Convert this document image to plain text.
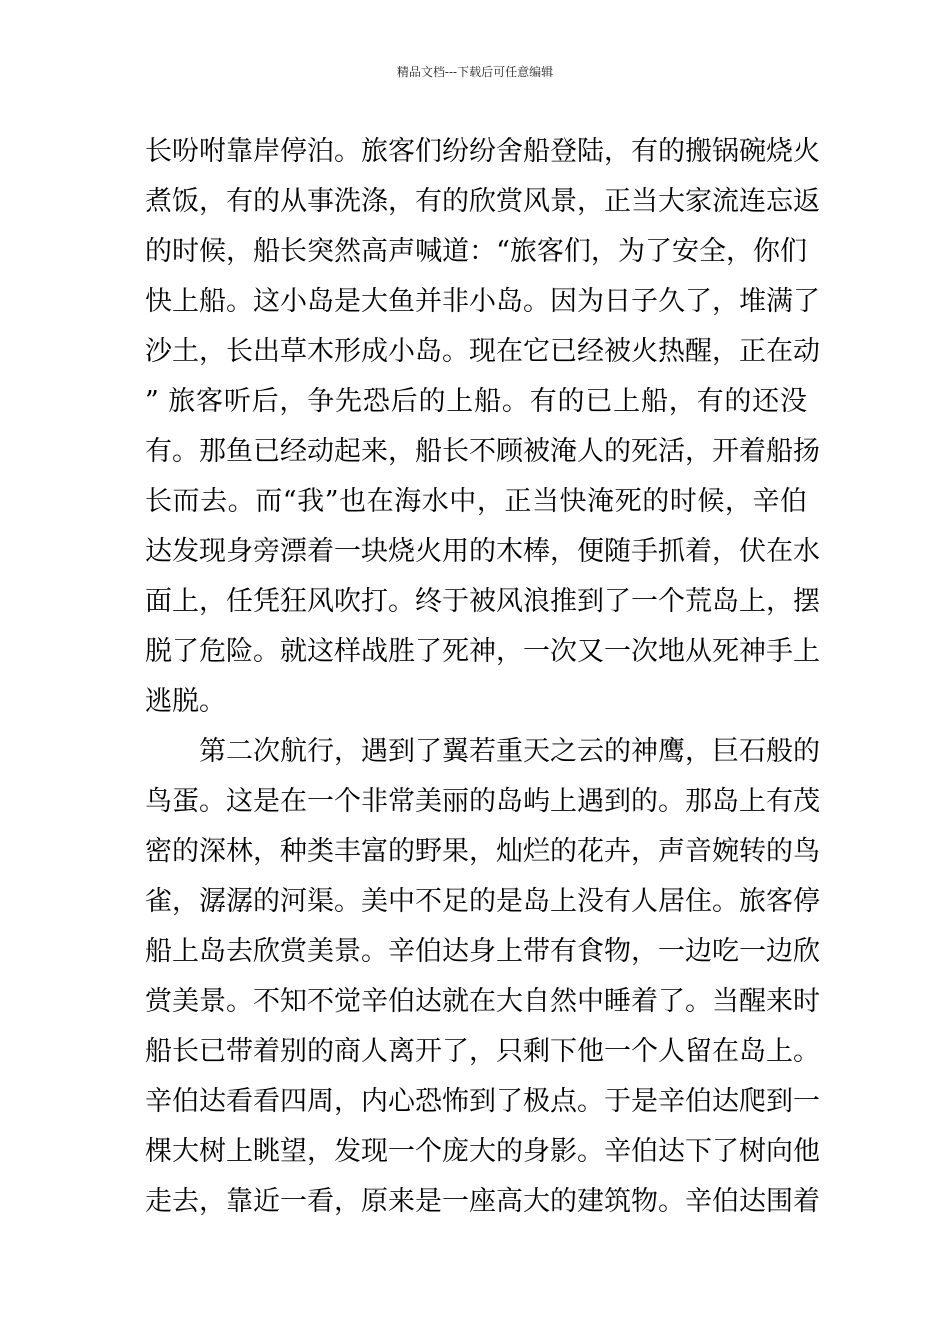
精品文档---下载后可任意编辑
长吩咐靠岸停泊。旅客们纷纷舍船登陆，有的搬锅碗烧火
煮饭，有的从事洗涤，有的欣赏风景，正当大家流连忘返
的时候，船长突然高声喊道：“旅客们，为了安全，你们
快上船。这小岛是大鱼并非小岛。因为日子久了，堆满了
沙土，长出草木形成小岛。现在它已经被火热醒，正在动
” 旅客听后，争先恐后的上船。有的已上船，有的还没
有。那鱼已经动起来，船长不顾被淹人的死活，开着船扬
长而去。而“我”也在海水中，正当快淹死的时候，辛伯
达发现身旁漂着一块烧火用的木棒，便随手抓着，伏在水
面上，任凭狂风吹打。终于被风浪推到了一个荒岛上，摆
脱了危险。就这样战胜了死神，一次又一次地从死神手上
逃脱。
第二次航行，遇到了翼若重天之云的神鹰，巨石般的
鸟蛋。这是在一个非常美丽的岛屿上遇到的。那岛上有茂
密的深林，种类丰富的野果，灿烂的花卉，声音婉转的鸟
雀，潺潺的河渠。美中不足的是岛上没有人居住。旅客停
船上岛去欣赏美景。辛伯达身上带有食物，一边吃一边欣
赏美景。不知不觉辛伯达就在大自然中睡着了。当醒来时
船长已带着别的商人离开了，只剩下他一个人留在岛上。
辛伯达看看四周，内心恐怖到了极点。于是辛伯达爬到一
棵大树上眺望，发现一个庞大的身影。辛伯达下了树向他
走去，靠近一看，原来是一座高大的建筑物。辛伯达围着
